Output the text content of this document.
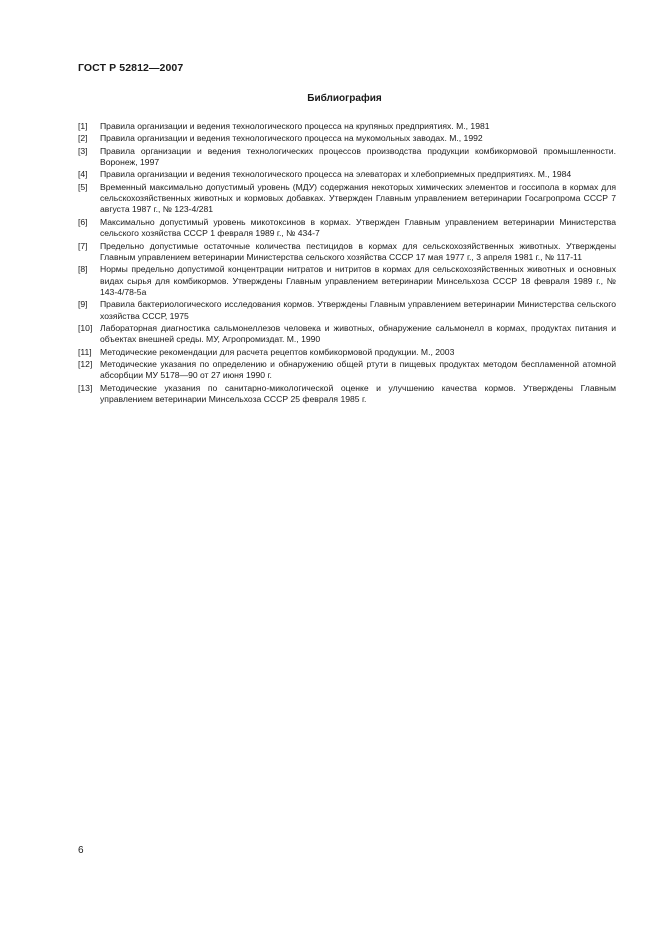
ГОСТ Р 52812—2007
Библиография
[1]	Правила организации и ведения технологического процесса на крупяных предприятиях. М., 1981
[2]	Правила организации и ведения технологического процесса на мукомольных заводах. М., 1992
[3]	Правила организации и ведения технологических процессов производства продукции комбикормовой промышленности. Воронеж, 1997
[4]	Правила организации и ведения технологического процесса на элеваторах и хлебоприемных предприятиях. М., 1984
[5]	Временный максимально допустимый уровень (МДУ) содержания некоторых химических элементов и госсипола в кормах для сельскохозяйственных животных и кормовых добавках. Утвержден Главным управлением ветеринарии Госагропрома СССР 7 августа 1987 г., № 123-4/281
[6]	Максимально допустимый уровень микотоксинов в кормах. Утвержден Главным управлением ветеринарии Министерства сельского хозяйства СССР 1 февраля 1989 г., № 434-7
[7]	Предельно допустимые остаточные количества пестицидов в кормах для сельскохозяйственных животных. Утверждены Главным управлением ветеринарии Министерства сельского хозяйства СССР 17 мая 1977 г., 3 апреля 1981 г., № 117-11
[8]	Нормы предельно допустимой концентрации нитратов и нитритов в кормах для сельскохозяйственных животных и основных видах сырья для комбикормов. Утверждены Главным управлением ветеринарии Минсельхоза СССР 18 февраля 1989 г., № 143-4/78-5а
[9]	Правила бактериологического исследования кормов. Утверждены Главным управлением ветеринарии Министерства сельского хозяйства СССР, 1975
[10] Лабораторная диагностика сальмонеллезов человека и животных, обнаружение сальмонелл в кормах, продуктах питания и объектах внешней среды. МУ, Агропромиздат. М., 1990
[11] Методические рекомендации для расчета рецептов комбикормовой продукции. М., 2003
[12] Методические указания по определению и обнаружению общей ртути в пищевых продуктах методом беспламенной атомной абсорбции МУ 5178—90 от 27 июня 1990 г.
[13] Методические указания по санитарно-микологической оценке и улучшению качества кормов. Утверждены Главным управлением ветеринарии Минсельхоза СССР 25 февраля 1985 г.
6
